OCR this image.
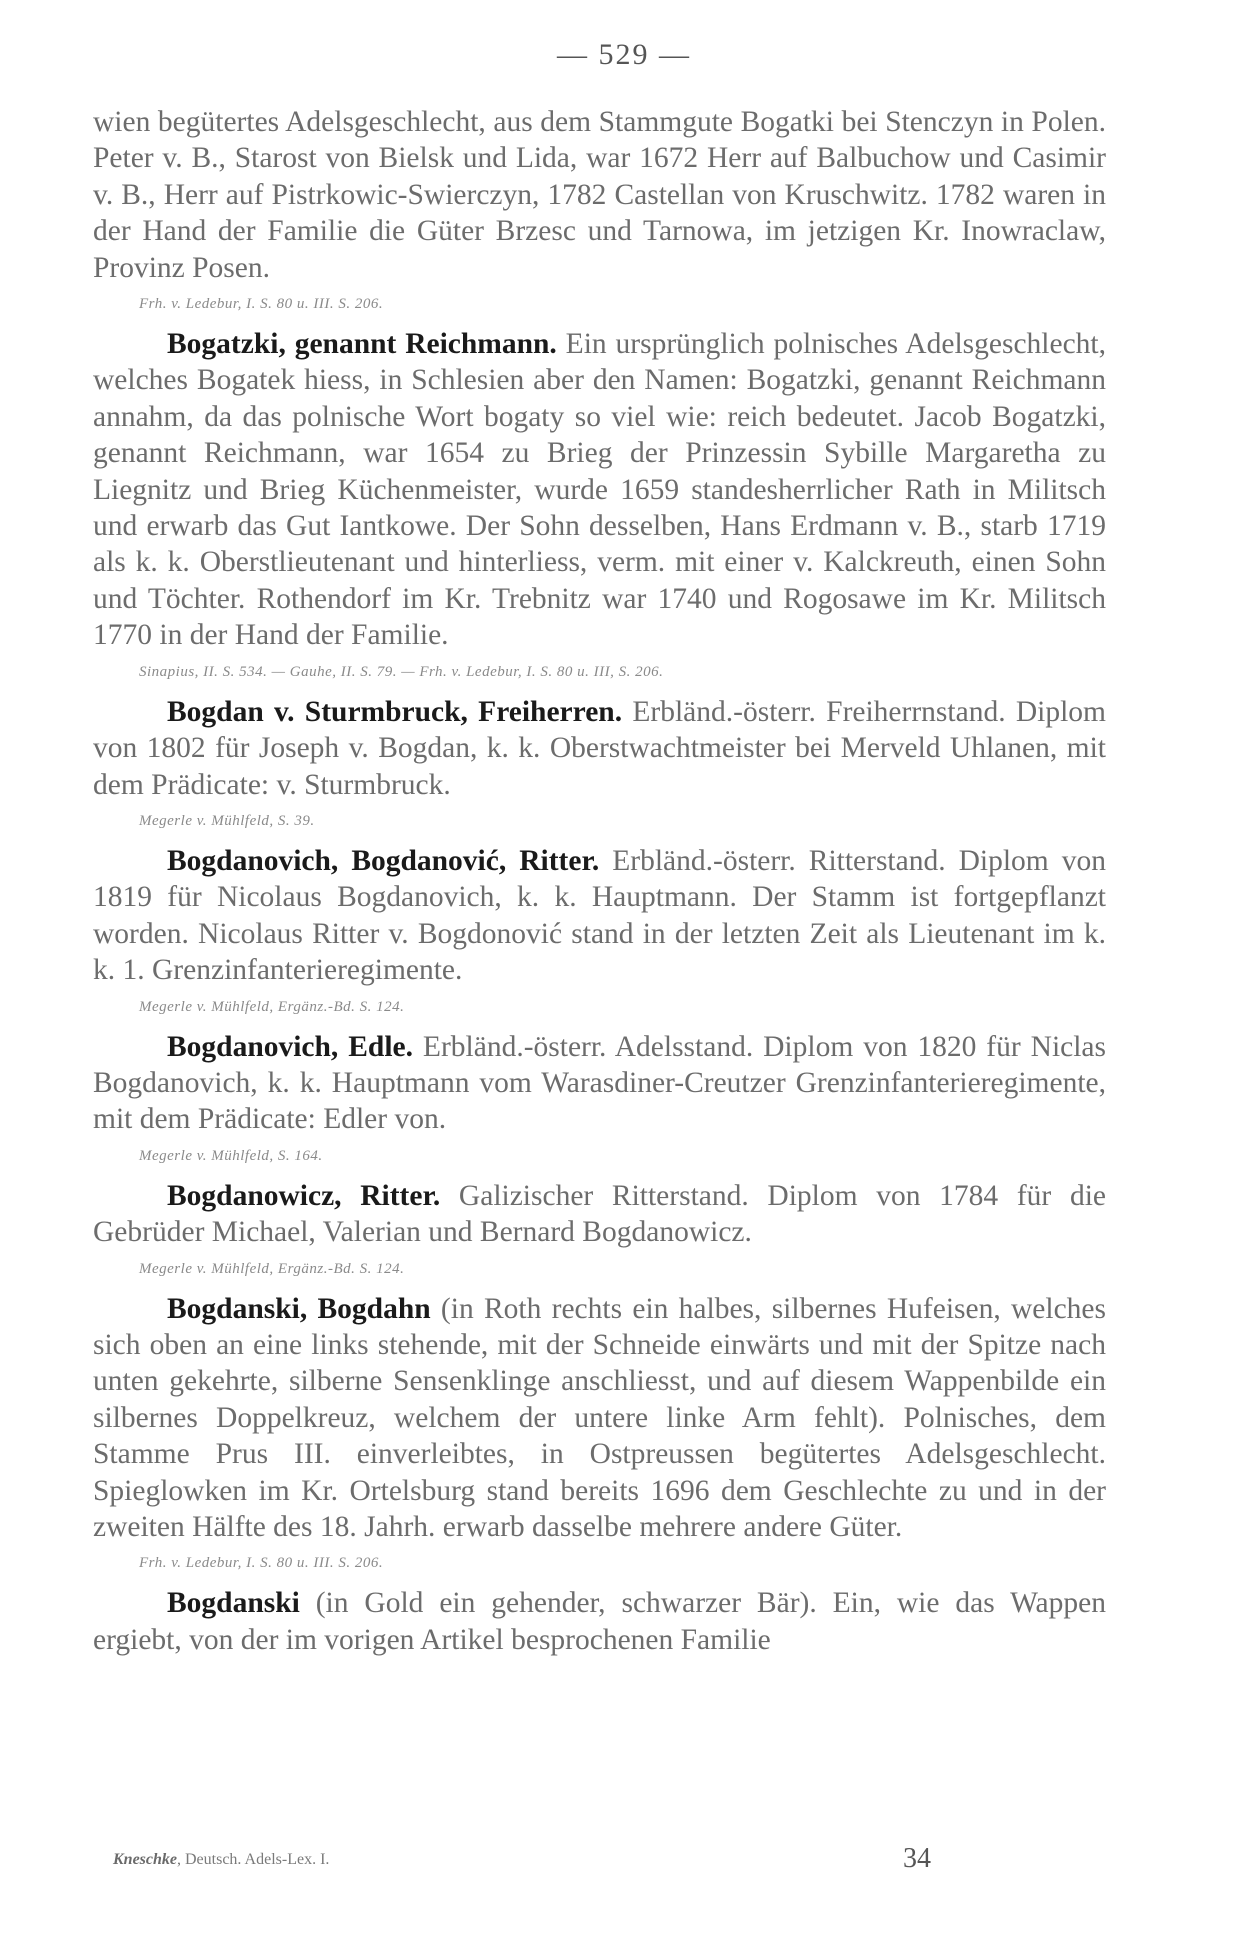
— 529 —

wien begütertes Adelsgeschlecht, aus dem Stammgute Bogatki bei Stenczyn in Polen. Peter v. B., Starost von Bielsk und Lida, war 1672 Herr auf Balbuchow und Casimir v. B., Herr auf Pistrkowic-Swierczyn, 1782 Castellan von Kruschwitz. 1782 waren in der Hand der Familie die Güter Brzesc und Tarnowa, im jetzigen Kr. Inowraclaw, Provinz Posen.

Frh. v. Ledebur, I. S. 80 u. III. S. 206.

Bogatzki, genannt Reichmann. Ein ursprünglich polnisches Adelsgeschlecht, welches Bogatek hiess, in Schlesien aber den Namen: Bogatzki, genannt Reichmann annahm, da das polnische Wort bogaty so viel wie: reich bedeutet. Jacob Bogatzki, genannt Reichmann, war 1654 zu Brieg der Prinzessin Sybille Margaretha zu Liegnitz und Brieg Küchenmeister, wurde 1659 standesherrlicher Rath in Militsch und erwarb das Gut Iantkowe. Der Sohn desselben, Hans Erdmann v. B., starb 1719 als k. k. Oberstlieutenant und hinterliess, verm. mit einer v. Kalckreuth, einen Sohn und Töchter. Rothendorf im Kr. Trebnitz war 1740 und Rogosawe im Kr. Militsch 1770 in der Hand der Familie.

Sinapius, II. S. 534. — Gauhe, II. S. 79. — Frh. v. Ledebur, I. S. 80 u. III, S. 206.

Bogdan v. Sturmbruck, Freiherren. Erbländ.-österr. Freiherrnstand. Diplom von 1802 für Joseph v. Bogdan, k. k. Oberstwachtmeister bei Merveld Uhlanen, mit dem Prädicate: v. Sturmbruck.

Megerle v. Mühlfeld, S. 39.

Bogdanovich, Bogdanović, Ritter. Erbländ.-österr. Ritterstand. Diplom von 1819 für Nicolaus Bogdanovich, k. k. Hauptmann. Der Stamm ist fortgepflanzt worden. Nicolaus Ritter v. Bogdonović stand in der letzten Zeit als Lieutenant im k. k. 1. Grenzinfanterieregimente.

Megerle v. Mühlfeld, Ergänz.-Bd. S. 124.

Bogdanovich, Edle. Erbländ.-österr. Adelsstand. Diplom von 1820 für Niclas Bogdanovich, k. k. Hauptmann vom Warasdiner-Creutzer Grenzinfanterieregimente, mit dem Prädicate: Edler von.

Megerle v. Mühlfeld, S. 164.

Bogdanowicz, Ritter. Galizischer Ritterstand. Diplom von 1784 für die Gebrüder Michael, Valerian und Bernard Bogdanowicz.

Megerle v. Mühlfeld, Ergänz.-Bd. S. 124.

Bogdanski, Bogdahn (in Roth rechts ein halbes, silbernes Hufeisen, welches sich oben an eine links stehende, mit der Schneide einwärts und mit der Spitze nach unten gekehrte, silberne Sensenklinge anschliesst, und auf diesem Wappenbilde ein silbernes Doppelkreuz, welchem der untere linke Arm fehlt). Polnisches, dem Stamme Prus III. einverleibtes, in Ostpreussen begütertes Adelsgeschlecht. Spieglowken im Kr. Ortelsburg stand bereits 1696 dem Geschlechte zu und in der zweiten Hälfte des 18. Jahrh. erwarb dasselbe mehrere andere Güter.

Frh. v. Ledebur, I. S. 80 u. III. S. 206.

Bogdanski (in Gold ein gehender, schwarzer Bär). Ein, wie das Wappen ergiebt, von der im vorigen Artikel besprochenen Familie

Kneschke, Deutsch. Adels-Lex. I.	34
